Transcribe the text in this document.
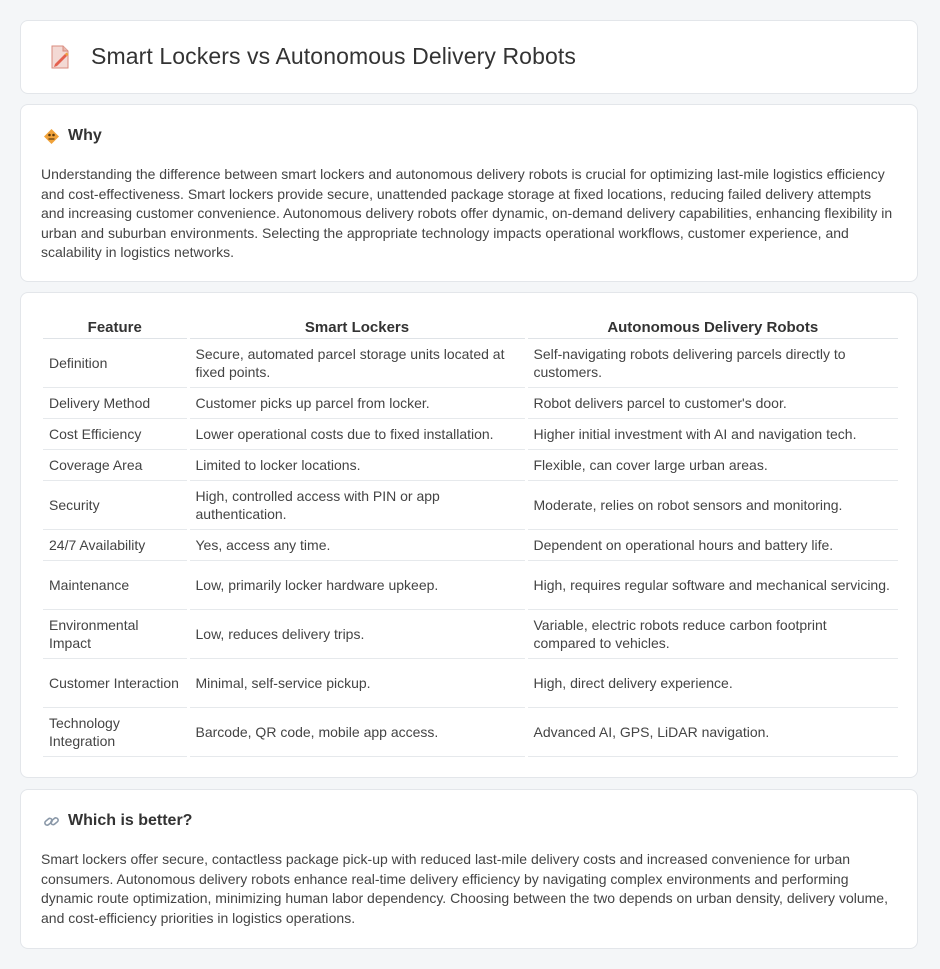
Smart Lockers vs Autonomous Delivery Robots
Why

Understanding the difference between smart lockers and autonomous delivery robots is crucial for optimizing last-mile logistics efficiency and cost-effectiveness. Smart lockers provide secure, unattended package storage at fixed locations, reducing failed delivery attempts and increasing customer convenience. Autonomous delivery robots offer dynamic, on-demand delivery capabilities, enhancing flexibility in urban and suburban environments. Selecting the appropriate technology impacts operational workflows, customer experience, and scalability in logistics networks.

Feature	Smart Lockers	Autonomous Delivery Robots
Definition	Secure, automated parcel storage units located at fixed points.	Self-navigating robots delivering parcels directly to customers.
Delivery Method	Customer picks up parcel from locker.	Robot delivers parcel to customer's door.
Cost Efficiency	Lower operational costs due to fixed installation.	Higher initial investment with AI and navigation tech.
Coverage Area	Limited to locker locations.	Flexible, can cover large urban areas.
Security	High, controlled access with PIN or app authentication.	Moderate, relies on robot sensors and monitoring.
24/7 Availability	Yes, access any time.	Dependent on operational hours and battery life.
Maintenance	Low, primarily locker hardware upkeep.	High, requires regular software and mechanical servicing.
Environmental Impact	Low, reduces delivery trips.	Variable, electric robots reduce carbon footprint compared to vehicles.
Customer Interaction	Minimal, self-service pickup.	High, direct delivery experience.
Technology Integration	Barcode, QR code, mobile app access.	Advanced AI, GPS, LiDAR navigation.
Which is better?

Smart lockers offer secure, contactless package pick-up with reduced last-mile delivery costs and increased convenience for urban consumers. Autonomous delivery robots enhance real-time delivery efficiency by navigating complex environments and performing dynamic route optimization, minimizing human labor dependency. Choosing between the two depends on urban density, delivery volume, and cost-efficiency priorities in logistics operations.
